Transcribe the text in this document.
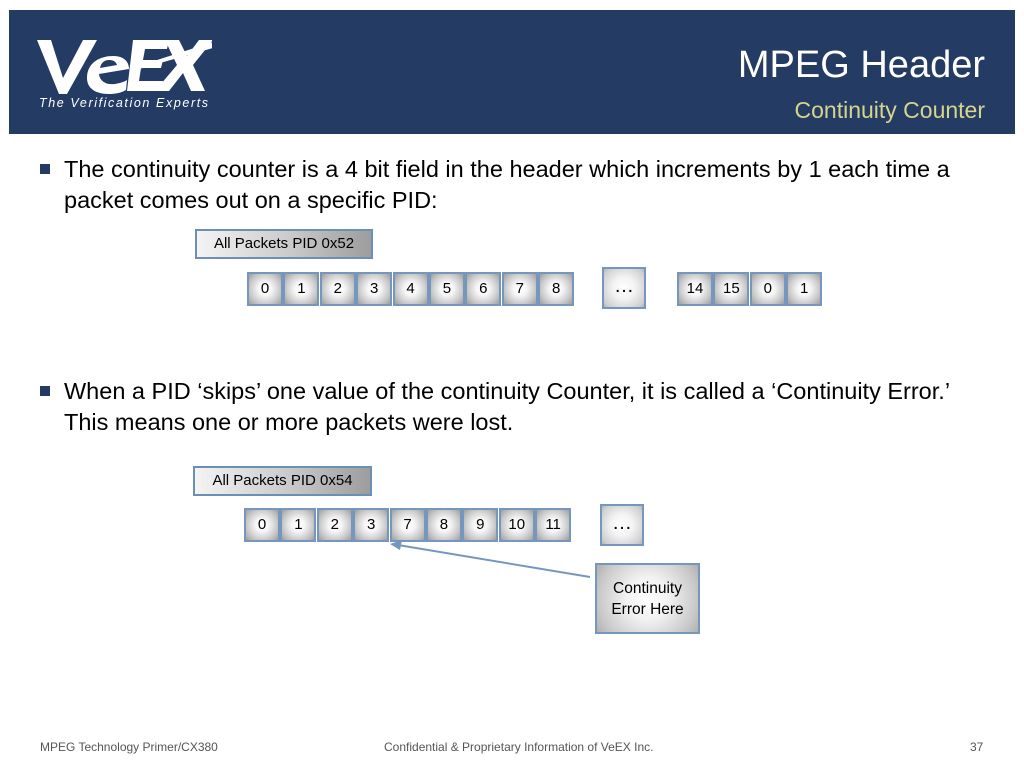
The Verification Experts
MPEG Header
Continuity Counter
The continuity counter is a 4 bit field in the header which increments by 1 each time a packet comes out on a specific PID:
All Packets PID 0x52
0	1	2	3	4	5	6	7	8	…	14	15	0	1
When a PID ‘skips’ one value of the continuity Counter, it is called a ‘Continuity Error.’ This means one or more packets were lost.
All Packets PID 0x54
0	1	2	3	7	8	9	10	11	…
Continuity
Error Here
MPEG Technology Primer/CX380	Confidential & Proprietary Information of VeEX Inc.	37
